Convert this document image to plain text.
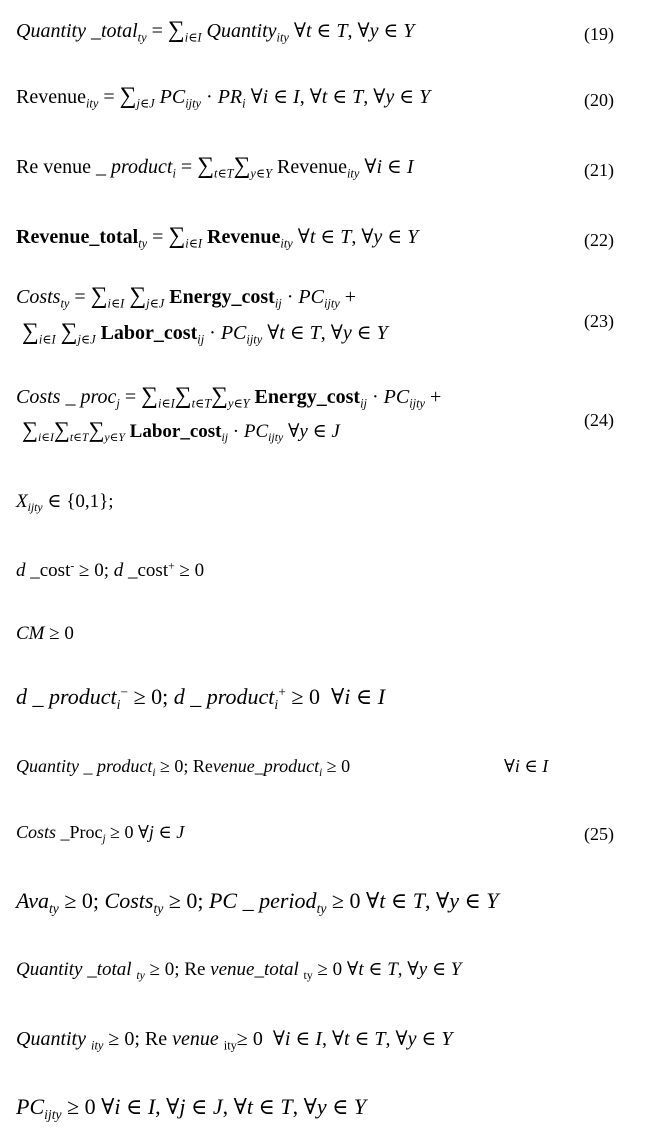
Quantity _total$_{ty}$ = $\sum_{i\in I}$ Quantity$_{ity}$ ∀t ∈ T, ∀y ∈ Y	(19)
Revenue$_{ity}$ = $\sum_{j\in J}$ $PC_{ijty} \cdot PR_i$ ∀i ∈ I, ∀t ∈ T, ∀y ∈ Y	(20)
Re venue _ product$_i$ = $\sum_{t\in T}\sum_{y\in Y}$ Revenue$_{ity}$ ∀i ∈ I	(21)
Revenue_total$_{ty}$ = $\sum_{i\in I}$ Revenue$_{ity}$ ∀t ∈ T, ∀y ∈ Y	(22)
Costs$_{ty}$ = $\sum_{i\in I}$ $\sum_{j\in J}$ Energy_cost$_{ij}$ · $PC_{ijty}$ +
$\sum_{i\in I}$ $\sum_{j\in J}$ Labor_cost$_{ij}$ · $PC_{ijty}$ ∀t ∈ T, ∀y ∈ Y
(23)
Costs _ proc$_j$ = $\sum_{i\in I}\sum_{t\in T}\sum_{y\in Y}$ Energy_cost$_{ij}$ · $PC_{ijty}$ +
$\sum_{i\in I}\sum_{t\in T}\sum_{y\in Y}$ Labor_cost$_{ij}$ · $PC_{ijty}$ ∀y ∈ J
(24)
$X_{ijty}$ ∈ {0,1};
d _cost- ≥ 0; d _cost+ ≥ 0
CM ≥ 0
d _ product$_i$− ≥ 0; d _ product$_i$+ ≥ 0  ∀i ∈ I
Quantity _ product$_i$ ≥ 0; Revenue_product$_i$ ≥ 0	∀i ∈ I
Costs _Proc$_j$ ≥ 0 ∀j ∈ J	(25)
Ava$_{ty}$ ≥ 0; Costs$_{ty}$ ≥ 0; PC _ period$_{ty}$ ≥ 0 ∀t ∈ T, ∀y ∈ Y
Quantity _total $_{ty}$ ≥ 0; Re venue_total $_{ty}$ ≥ 0 ∀t ∈ T, ∀y ∈ Y
Quantity $_{ity}$ ≥ 0; Re venue $_{ity}$≥ 0  ∀i ∈ I, ∀t ∈ T, ∀y ∈ Y
$PC_{ijty} \ge 0$ ∀i ∈ I, ∀j ∈ J, ∀t ∈ T, ∀y ∈ Y
